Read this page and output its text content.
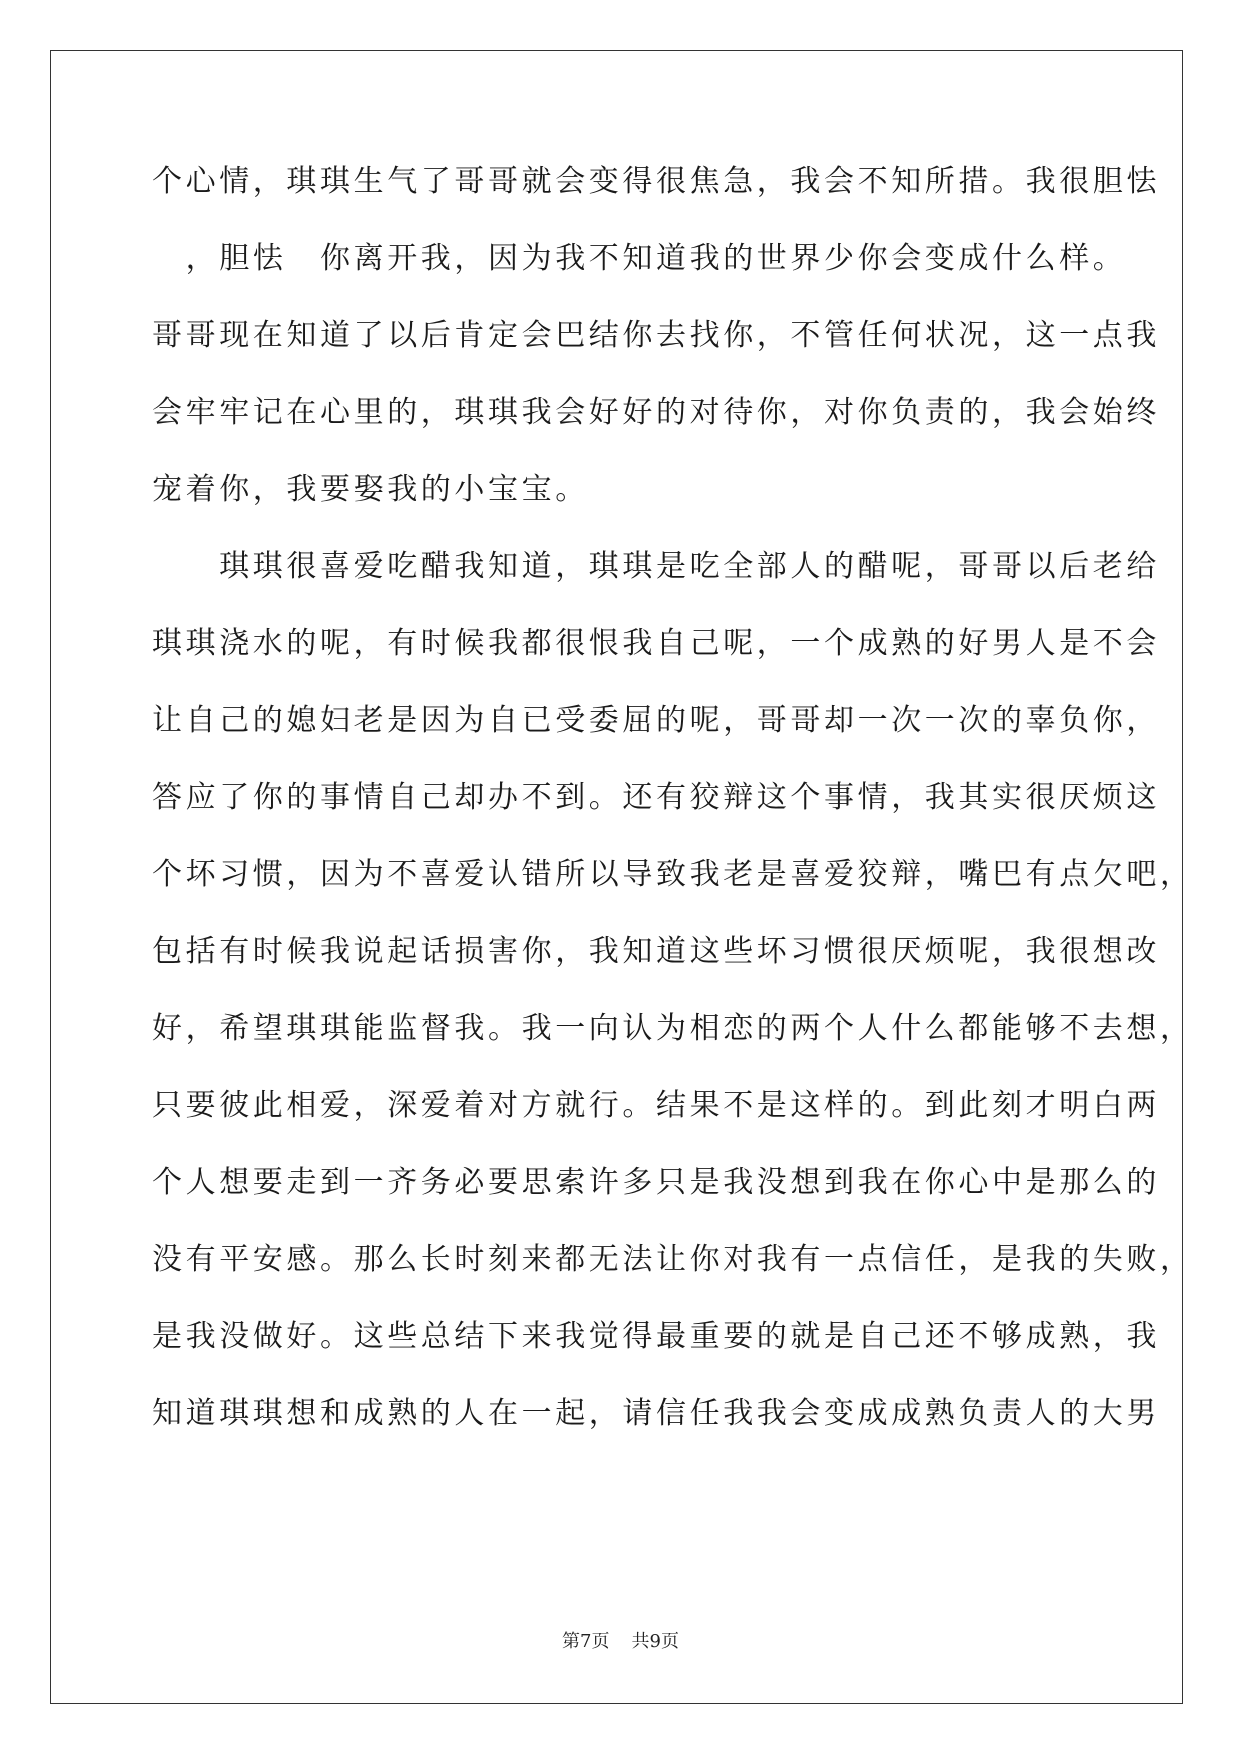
个心情，琪琪生气了哥哥就会变得很焦急，我会不知所措。我很胆怯
　，胆怯　你离开我，因为我不知道我的世界少你会变成什么样。
哥哥现在知道了以后肯定会巴结你去找你，不管任何状况，这一点我
会牢牢记在心里的，琪琪我会好好的对待你，对你负责的，我会始终
宠着你，我要娶我的小宝宝。
　　琪琪很喜爱吃醋我知道，琪琪是吃全部人的醋呢，哥哥以后老给
琪琪浇水的呢，有时候我都很恨我自己呢，一个成熟的好男人是不会
让自己的媳妇老是因为自已受委屈的呢，哥哥却一次一次的辜负你，
答应了你的事情自己却办不到。还有狡辩这个事情，我其实很厌烦这
个坏习惯，因为不喜爱认错所以导致我老是喜爱狡辩，嘴巴有点欠吧，
包括有时候我说起话损害你，我知道这些坏习惯很厌烦呢，我很想改
好，希望琪琪能监督我。我一向认为相恋的两个人什么都能够不去想，
只要彼此相爱，深爱着对方就行。结果不是这样的。到此刻才明白两
个人想要走到一齐务必要思索许多只是我没想到我在你心中是那么的
没有平安感。那么长时刻来都无法让你对我有一点信任，是我的失败，
是我没做好。这些总结下来我觉得最重要的就是自己还不够成熟，我
知道琪琪想和成熟的人在一起，请信任我我会变成成熟负责人的大男
第7页 共9页
